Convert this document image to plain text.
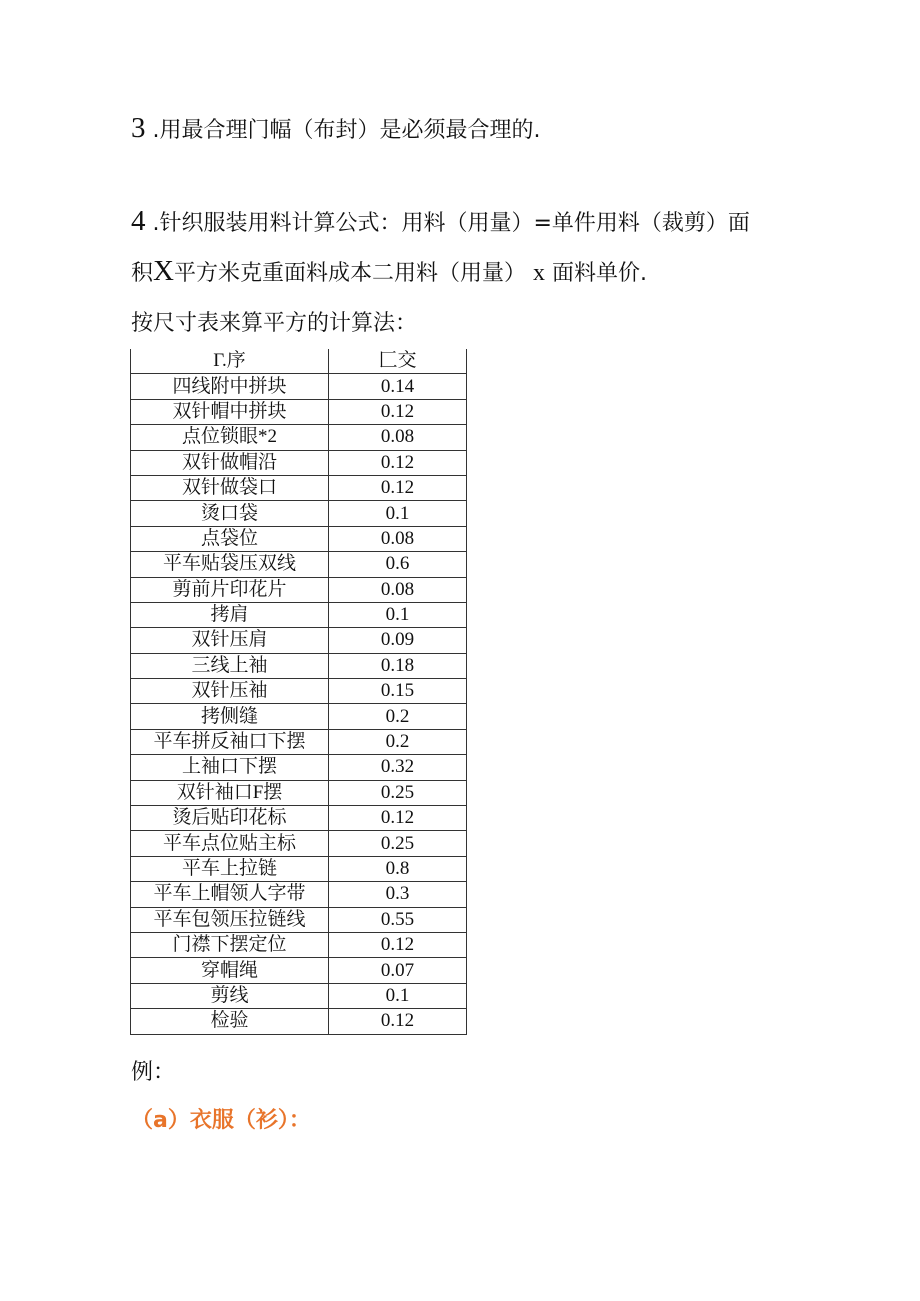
3 .用最合理门幅（布封）是必须最合理的.
4 .针织服装用料计算公式：用料（用量）=单件用料（裁剪）面
积X平方米克重面料成本二用料（用量） x 面料单价.
按尺寸表来算平方的计算法：
Γ.序	匚交
四线附中拼块	0.14
双针帽中拼块	0.12
点位锁眼*2	0.08
双针做帽沿	0.12
双针做袋口	0.12
烫口袋	0.1
点袋位	0.08
平车贴袋压双线	0.6
剪前片印花片	0.08
拷肩	0.1
双针压肩	0.09
三线上袖	0.18
双针压袖	0.15
拷侧缝	0.2
平车拼反袖口下摆	0.2
上袖口下摆	0.32
双针袖口F摆	0.25
烫后贴印花标	0.12
平车点位贴主标	0.25
平车上拉链	0.8
平车上帽领人字带	0.3
平车包领压拉链线	0.55
门襟下摆定位	0.12
穿帽绳	0.07
剪线	0.1
检验	0.12
例：
（a）衣服（衫）：
